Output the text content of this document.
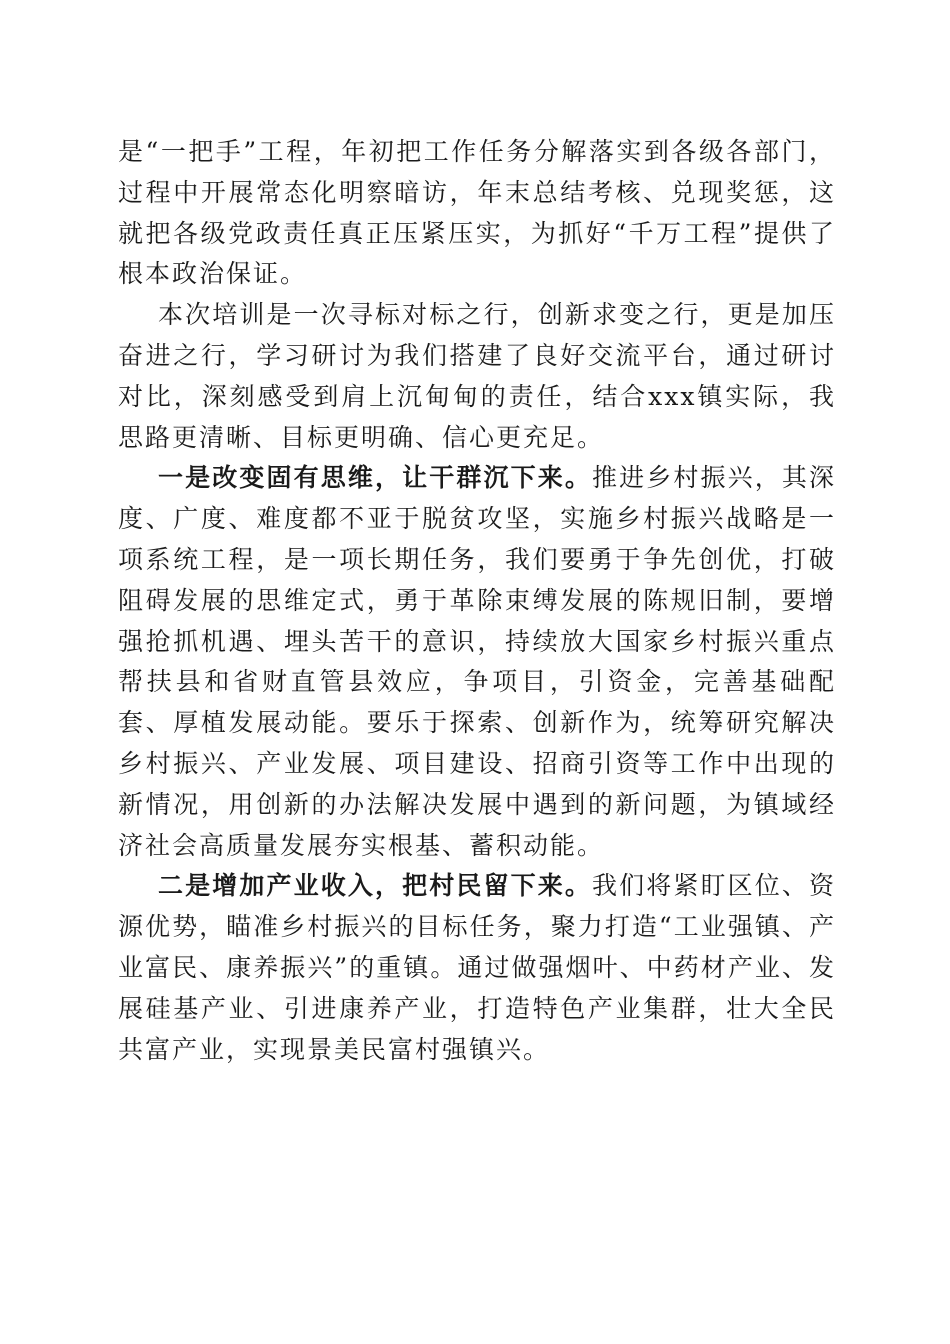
是“一把手”工程，年初把工作任务分解落实到各级各部门，过程中开展常态化明察暗访，年末总结考核、兑现奖惩，这就把各级党政责任真正压紧压实，为抓好“千万工程”提供了根本政治保证。

本次培训是一次寻标对标之行，创新求变之行，更是加压奋进之行，学习研讨为我们搭建了良好交流平台，通过研讨对比，深刻感受到肩上沉甸甸的责任，结合xxx镇实际，我思路更清晰、目标更明确、信心更充足。

一是改变固有思维，让干群沉下来。推进乡村振兴，其深度、广度、难度都不亚于脱贫攻坚，实施乡村振兴战略是一项系统工程，是一项长期任务，我们要勇于争先创优，打破阻碍发展的思维定式，勇于革除束缚发展的陈规旧制，要增强抢抓机遇、埋头苦干的意识，持续放大国家乡村振兴重点帮扶县和省财直管县效应，争项目，引资金，完善基础配套、厚植发展动能。要乐于探索、创新作为，统筹研究解决乡村振兴、产业发展、项目建设、招商引资等工作中出现的新情况，用创新的办法解决发展中遇到的新问题，为镇域经济社会高质量发展夯实根基、蓄积动能。

二是增加产业收入，把村民留下来。我们将紧盯区位、资源优势，瞄准乡村振兴的目标任务，聚力打造“工业强镇、产业富民、康养振兴”的重镇。通过做强烟叶、中药材产业、发展硅基产业、引进康养产业，打造特色产业集群，壮大全民共富产业，实现景美民富村强镇兴。
